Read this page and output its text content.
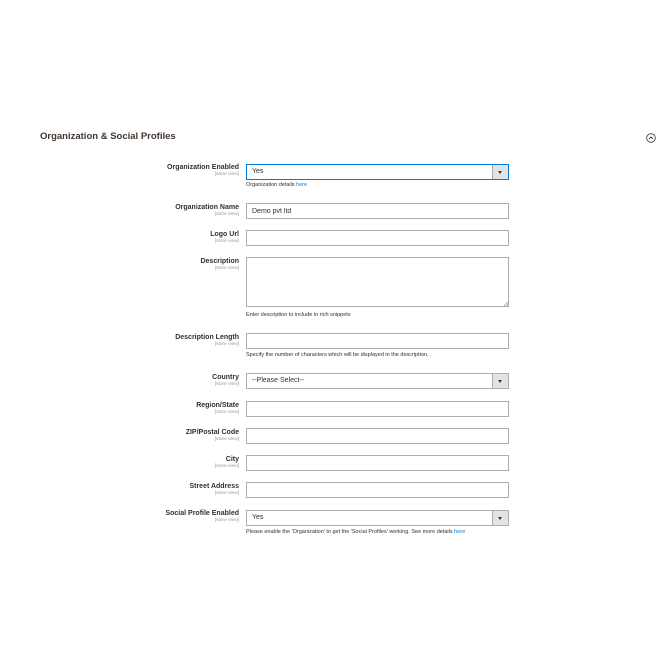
Organization & Social Profiles
Organization Enabled
[store view] Yes
Organization details here
Organization Name
[store view]
Demo pvt ltd
Logo Url
[store view]
Description
[store view]
Enter description to include in rich snippets
Description Length
[store view]
Specify the number of characters which will be displayed in the description.
Country
[store view]
--Please Select--
Region/State
[store view]
ZIP/Postal Code
[store view]
City
[store view]
Street Address
[store view]
Social Profile Enabled
[store view] Yes
Please enable the 'Organization' to get the 'Social Profiles' working. See more details here
